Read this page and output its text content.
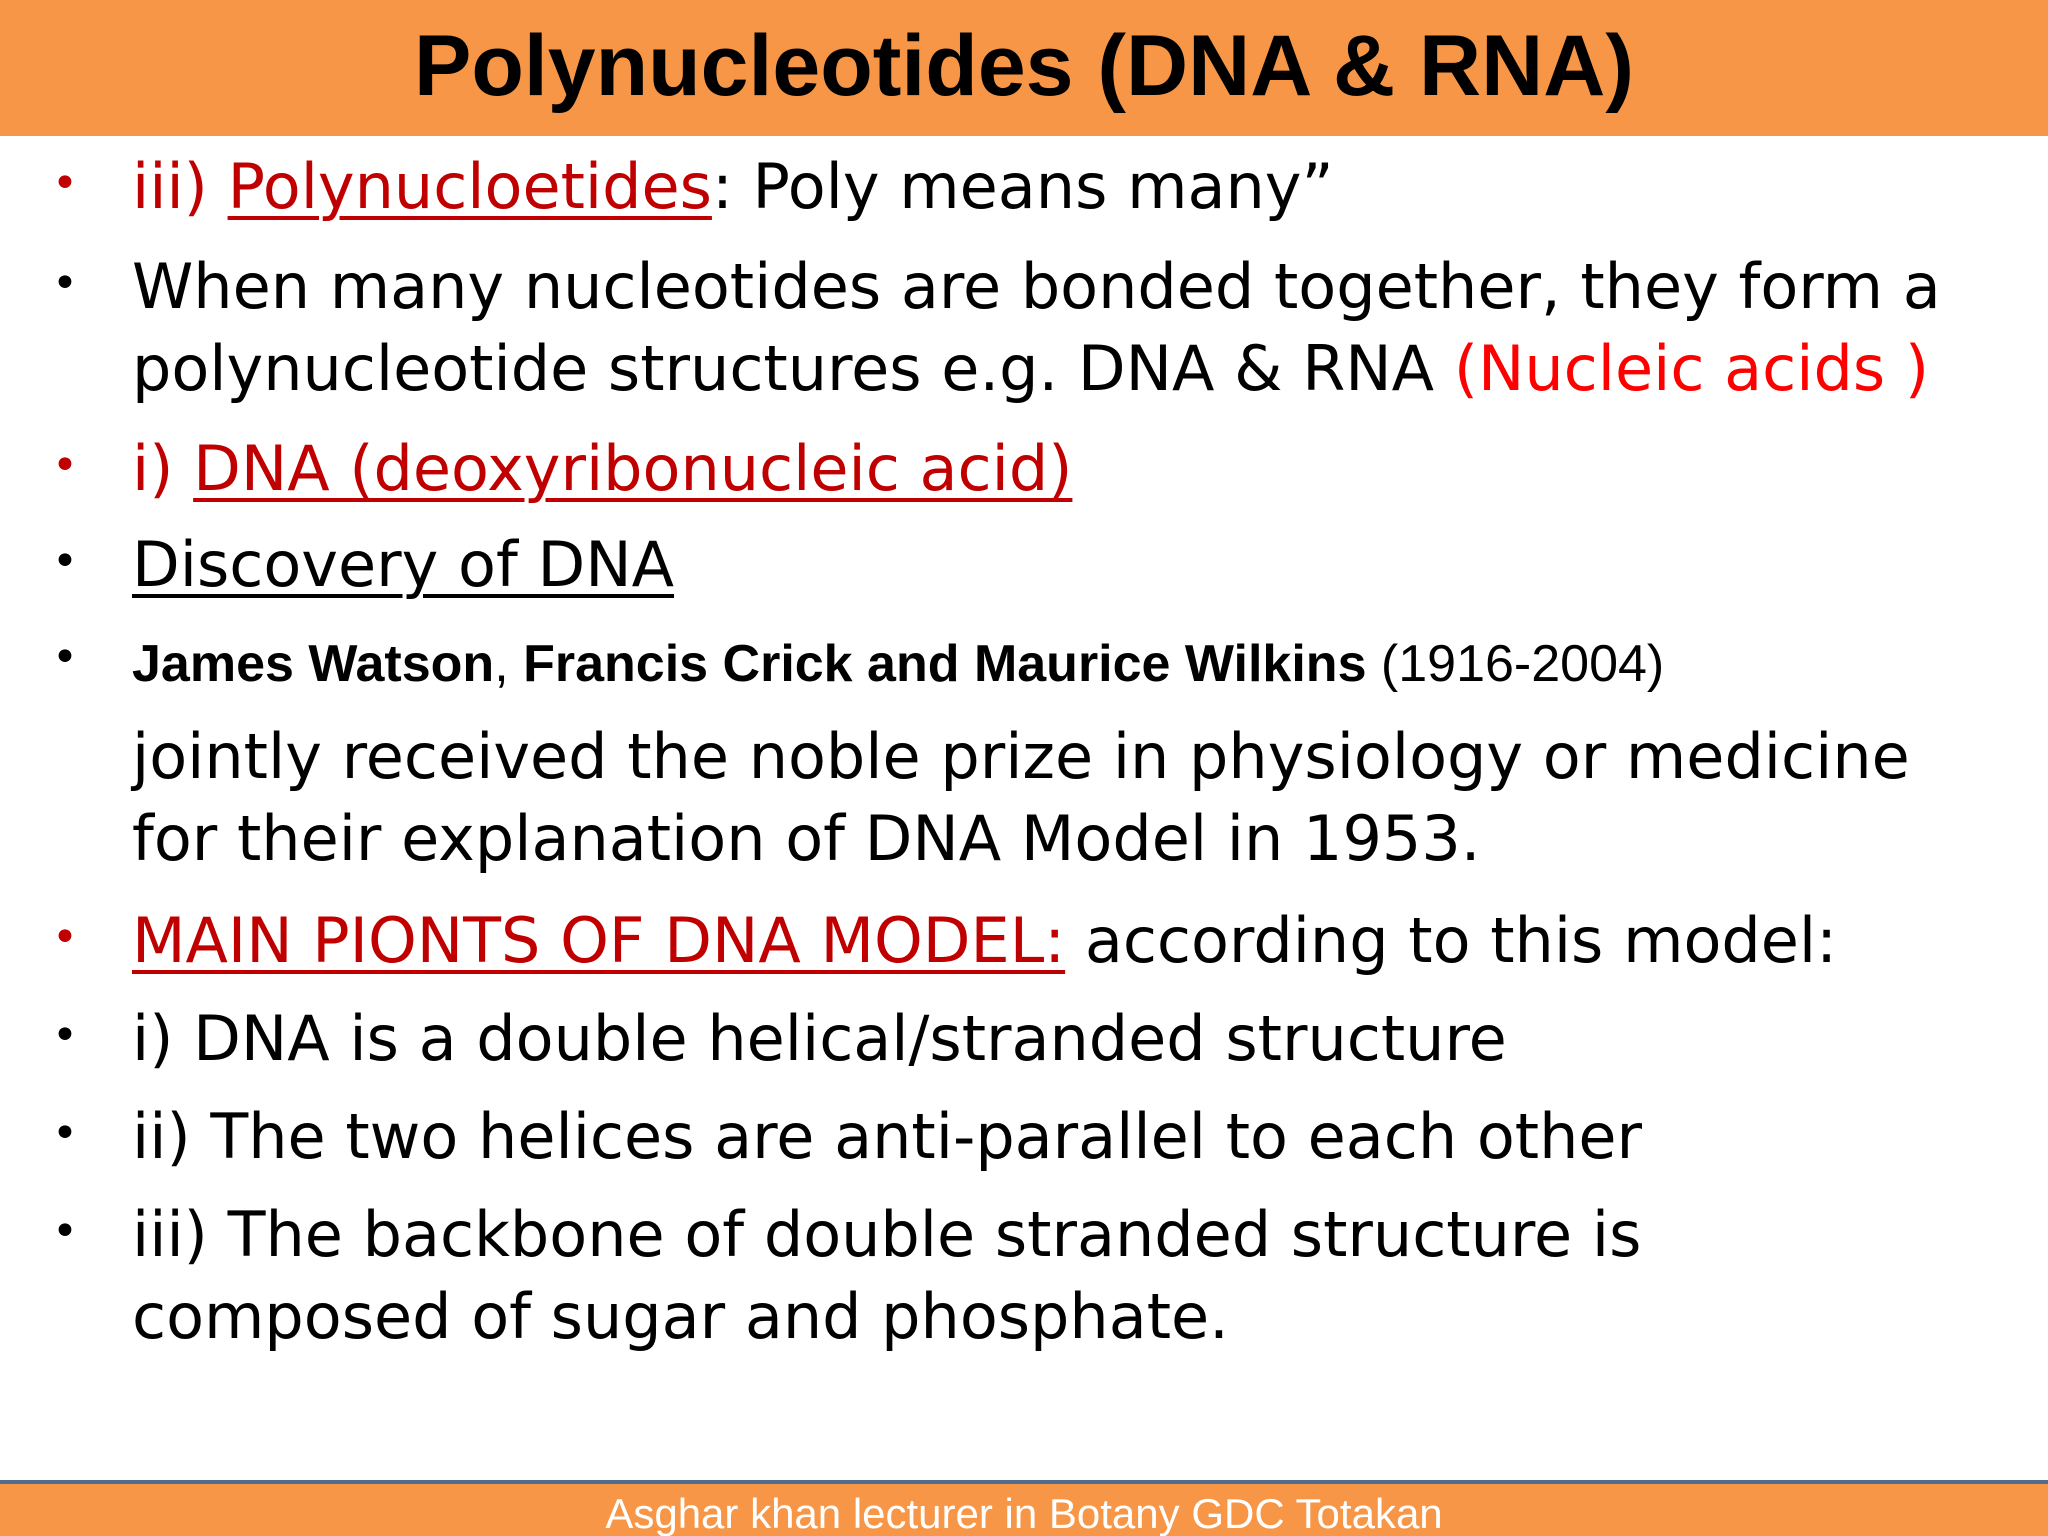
Polynucleotides (DNA & RNA)
• iii) Polynucloetides: Poly means many”
• When many nucleotides are bonded together, they form a
polynucleotide structures e.g. DNA & RNA (Nucleic acids )
• i) DNA (deoxyribonucleic acid)
• Discovery of DNA
• James Watson, Francis Crick and Maurice Wilkins (1916-2004)
jointly received the noble prize in physiology or medicine
for their explanation of DNA Model in 1953.
• MAIN PIONTS OF DNA MODEL: according to this model:
• i) DNA is a double helical/stranded structure
• ii) The two helices are anti-parallel to each other
• iii) The backbone of double stranded structure is
composed of sugar and phosphate.
Asghar khan lecturer in Botany GDC Totakan
